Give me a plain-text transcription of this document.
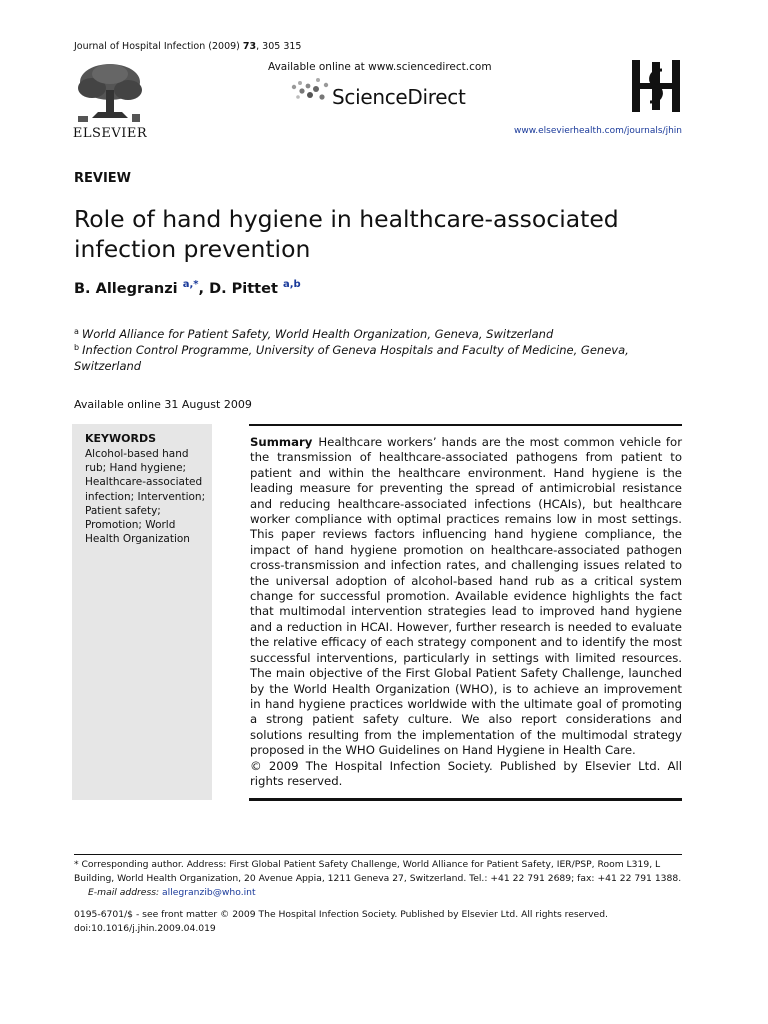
Journal of Hospital Infection (2009) 73, 305 315
ELSEVIER
Available online at www.sciencedirect.com
ScienceDirect
www.elsevierhealth.com/journals/jhin
REVIEW
Role of hand hygiene in healthcare-associated infection prevention
B. Allegranzi $^{a,*}$, D. Pittet $^{a,b}$
$^a$ World Alliance for Patient Safety, World Health Organization, Geneva, Switzerland
$^b$ Infection Control Programme, University of Geneva Hospitals and Faculty of Medicine, Geneva, Switzerland
Available online 31 August 2009
KEYWORDS
Alcohol-based hand rub; Hand hygiene; Healthcare-associated infection; Intervention; Patient safety; Promotion; World Health Organization
Summary Healthcare workers’ hands are the most common vehicle for the transmission of healthcare-associated pathogens from patient to patient and within the healthcare environment. Hand hygiene is the leading measure for preventing the spread of antimicrobial resistance and reducing healthcare-associated infections (HCAIs), but healthcare worker compliance with optimal practices remains low in most settings. This paper reviews factors influencing hand hygiene compliance, the impact of hand hygiene promotion on healthcare-associated pathogen cross-transmission and infection rates, and challenging issues related to the universal adoption of alcohol-based hand rub as a critical system change for successful promotion. Available evidence highlights the fact that multimodal intervention strategies lead to improved hand hygiene and a reduction in HCAI. However, further research is needed to evaluate the relative efficacy of each strategy component and to identify the most successful interventions, particularly in settings with limited resources. The main objective of the First Global Patient Safety Challenge, launched by the World Health Organization (WHO), is to achieve an improvement in hand hygiene practices worldwide with the ultimate goal of promoting a strong patient safety culture. We also report considerations and solutions resulting from the implementation of the multimodal strategy proposed in the WHO Guidelines on Hand Hygiene in Health Care.
© 2009 The Hospital Infection Society. Published by Elsevier Ltd. All rights reserved.
* Corresponding author. Address: First Global Patient Safety Challenge, World Alliance for Patient Safety, IER/PSP, Room L319, L Building, World Health Organization, 20 Avenue Appia, 1211 Geneva 27, Switzerland. Tel.: +41 22 791 2689; fax: +41 22 791 1388.
E-mail address: allegranzib@who.int
0195-6701/$ - see front matter © 2009 The Hospital Infection Society. Published by Elsevier Ltd. All rights reserved.
doi:10.1016/j.jhin.2009.04.019
